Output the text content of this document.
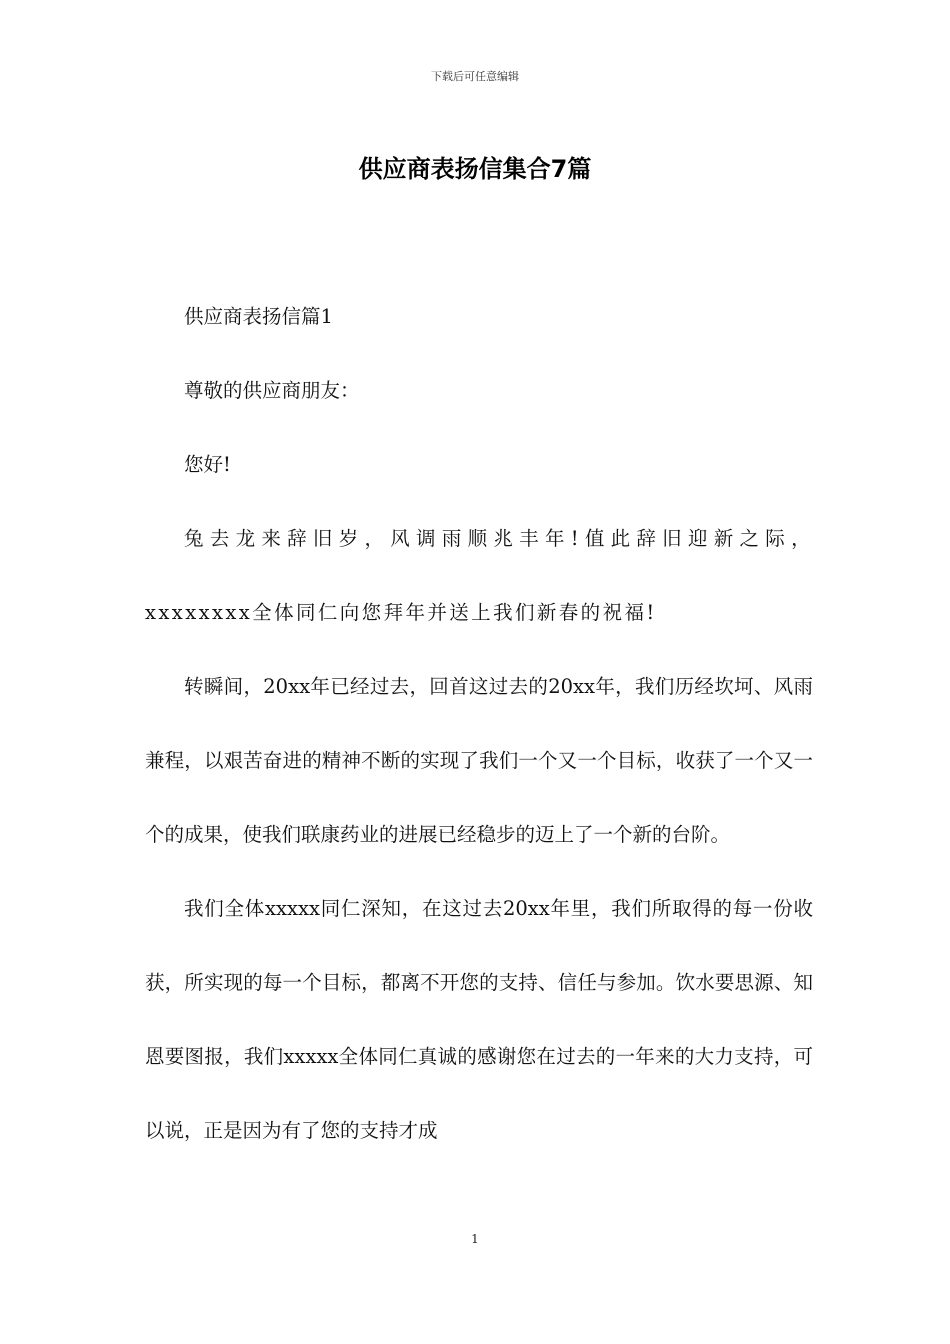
下载后可任意编辑
供应商表扬信集合7篇

供应商表扬信篇1

尊敬的供应商朋友：

您好!

兔去龙来辞旧岁，风调雨顺兆丰年!值此辞旧迎新之际，xxxxxxxx全体同仁向您拜年并送上我们新春的祝福!

转瞬间，20xx年已经过去，回首这过去的20xx年，我们历经坎坷、风雨兼程，以艰苦奋进的精神不断的实现了我们一个又一个目标，收获了一个又一个的成果，使我们联康药业的进展已经稳步的迈上了一个新的台阶。

我们全体xxxxx同仁深知，在这过去20xx年里，我们所取得的每一份收获，所实现的每一个目标，都离不开您的支持、信任与参加。饮水要思源、知恩要图报，我们xxxxx全体同仁真诚的感谢您在过去的一年来的大力支持，可以说，正是因为有了您的支持才成

1
